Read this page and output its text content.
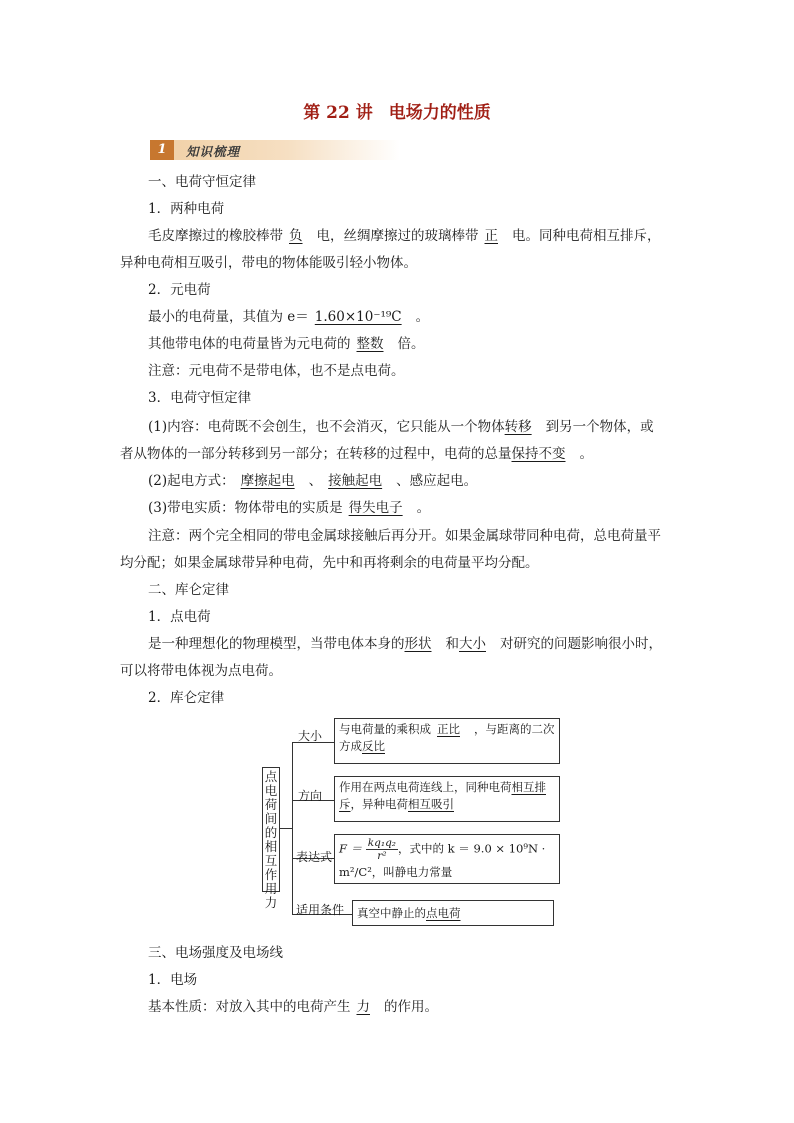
第 22 讲 电场力的性质
1	知识梳理
一、电荷守恒定律
1．两种电荷
毛皮摩擦过的橡胶棒带 负 电，丝绸摩擦过的玻璃棒带 正 电。同种电荷相互排斥，
异种电荷相互吸引，带电的物体能吸引轻小物体。
2．元电荷
最小的电荷量，其值为 e＝ 1.60×10⁻¹⁹C 。
其他带电体的电荷量皆为元电荷的 整数 倍。
注意：元电荷不是带电体，也不是点电荷。
3．电荷守恒定律
(1)内容：电荷既不会创生，也不会消灭，它只能从一个物体转移 到另一个物体，或
者从物体的一部分转移到另一部分；在转移的过程中，电荷的总量保持不变 。
(2)起电方式： 摩擦起电 、 接触起电 、感应起电。
(3)带电实质：物体带电的实质是 得失电子 。
注意：两个完全相同的带电金属球接触后再分开。如果金属球带同种电荷，总电荷量平
均分配；如果金属球带异种电荷，先中和再将剩余的电荷量平均分配。
二、库仑定律
1．点电荷
是一种理想化的物理模型，当带电体本身的形状 和大小 对研究的问题影响很小时，
可以将带电体视为点电荷。
2．库仑定律
点
电
荷
间
的
相
互
作
用
力
大小
方向
表达式
适用条件
与电荷量的乘积成 正比 ，与距离的二次
方成反比
作用在两点电荷连线上，同种电荷相互排
斥，异种电荷相互吸引
$F = \frac{\text{kq₁q₂}}{\text{r²}}$，式中的 k ＝ 9.0 × 10⁹N ·
m²/C²，叫静电力常量
真空中静止的点电荷
三、电场强度及电场线
1．电场
基本性质：对放入其中的电荷产生 力 的作用。
